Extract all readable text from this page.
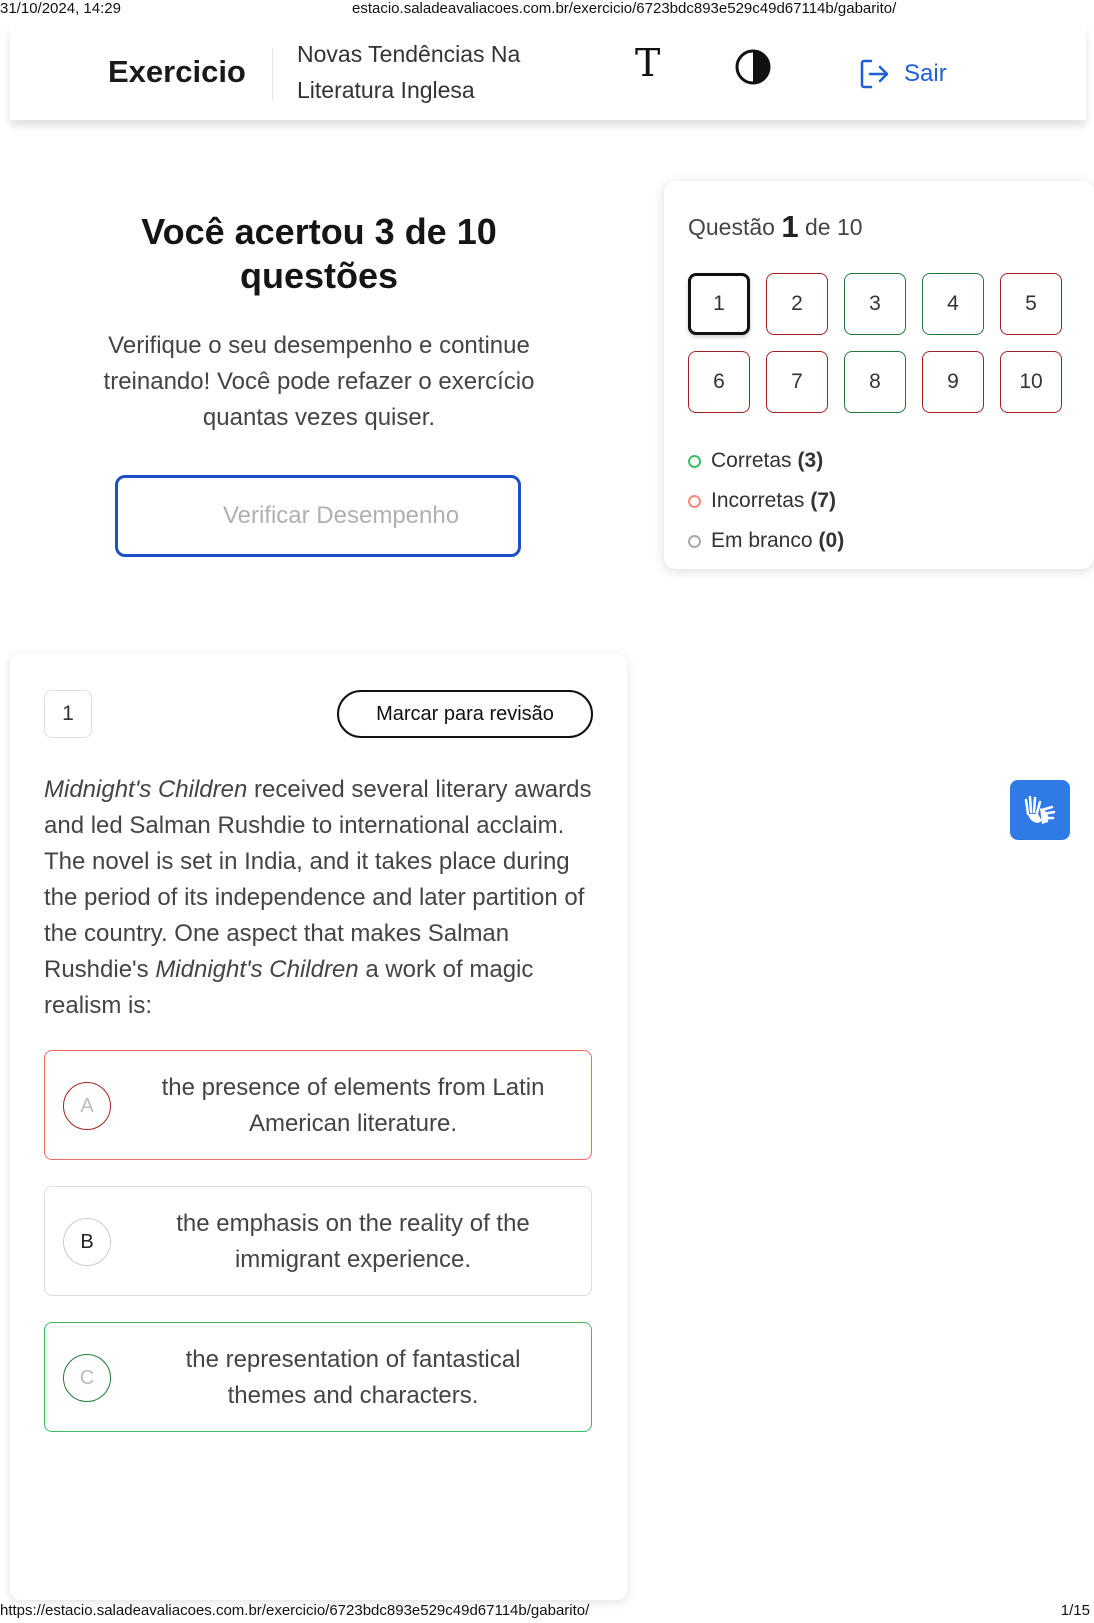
31/10/2024, 14:29	estacio.saladeavaliacoes.com.br/exercicio/6723bdc893e529c49d67114b/gabarito/
Exercicio Novas Tendências Na
Literatura Inglesa
T	Sair
Você acertou 3 de 10
questões

Verifique o seu desempenho e continue
treinando! Você pode refazer o exercício
quantas vezes quiser.

Verificar Desempenho
Questão 1 de 10
1	2	3	4	5
6	7	8	9	10
Corretas (3)
Incorretas (7)
Em branco (0)
1	Marcar para revisão
Midnight's Children received several literary awards and led Salman Rushdie to international acclaim. The novel is set in India, and it takes place during the period of its independence and later partition of the country. One aspect that makes Salman Rushdie's Midnight's Children a work of magic realism is:
A
the presence of elements from Latin
American literature.
B
the emphasis on the reality of the
immigrant experience.
C
the representation of fantastical
themes and characters.
https://estacio.saladeavaliacoes.com.br/exercicio/6723bdc893e529c49d67114b/gabarito/	1/15
